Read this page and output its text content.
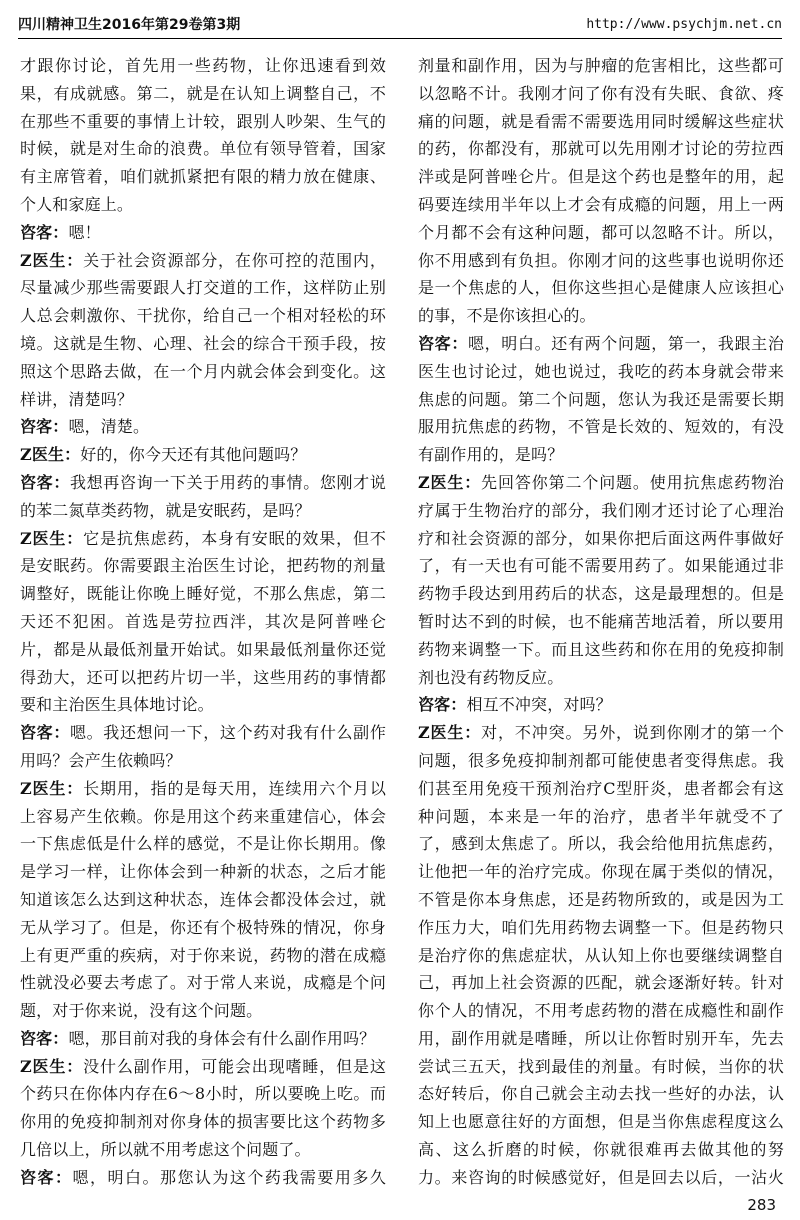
四川精神卫生2016年第29卷第3期	http://www.psychjm.net.cn

才跟你讨论，首先用一些药物，让你迅速看到效果，有成就感。第二，就是在认知上调整自己，不在那些不重要的事情上计较，跟别人吵架、生气的时候，就是对生命的浪费。单位有领导管着，国家有主席管着，咱们就抓紧把有限的精力放在健康、个人和家庭上。

咨客：嗯！

Z医生：关于社会资源部分，在你可控的范围内，尽量减少那些需要跟人打交道的工作，这样防止别人总会刺激你、干扰你，给自己一个相对轻松的环境。这就是生物、心理、社会的综合干预手段，按照这个思路去做，在一个月内就会体会到变化。这样讲，清楚吗？

咨客：嗯，清楚。

Z医生：好的，你今天还有其他问题吗？

咨客：我想再咨询一下关于用药的事情。您刚才说的苯二氮草类药物，就是安眠药，是吗？

Z医生：它是抗焦虑药，本身有安眠的效果，但不是安眠药。你需要跟主治医生讨论，把药物的剂量调整好，既能让你晚上睡好觉，不那么焦虑，第二天还不犯困。首选是劳拉西泮，其次是阿普唑仑片，都是从最低剂量开始试。如果最低剂量你还觉得劲大，还可以把药片切一半，这些用药的事情都要和主治医生具体地讨论。

咨客：嗯。我还想问一下，这个药对我有什么副作用吗？会产生依赖吗？

Z医生：长期用，指的是每天用，连续用六个月以上容易产生依赖。你是用这个药来重建信心，体会一下焦虑低是什么样的感觉，不是让你长期用。像是学习一样，让你体会到一种新的状态，之后才能知道该怎么达到这种状态，连体会都没体会过，就无从学习了。但是，你还有个极特殊的情况，你身上有更严重的疾病，对于你来说，药物的潜在成瘾性就没必要去考虑了。对于常人来说，成瘾是个问题，对于你来说，没有这个问题。

咨客：嗯，那目前对我的身体会有什么副作用吗？

Z医生：没什么副作用，可能会出现嗜睡，但是这个药只在你体内存在6～8小时，所以要晚上吃。而你用的免疫抑制剂对你身体的损害要比这个药物多几倍以上，所以就不用考虑这个问题了。

咨客：嗯，明白。那您认为这个药我需要用多久

剂量和副作用，因为与肿瘤的危害相比，这些都可以忽略不计。我刚才问了你有没有失眠、食欲、疼痛的问题，就是看需不需要选用同时缓解这些症状的药，你都没有，那就可以先用刚才讨论的劳拉西泮或是阿普唑仑片。但是这个药也是整年的用，起码要连续用半年以上才会有成瘾的问题，用上一两个月都不会有这种问题，都可以忽略不计。所以，你不用感到有负担。你刚才问的这些事也说明你还是一个焦虑的人，但你这些担心是健康人应该担心的事，不是你该担心的。

咨客：嗯，明白。还有两个问题，第一，我跟主治医生也讨论过，她也说过，我吃的药本身就会带来焦虑的问题。第二个问题，您认为我还是需要长期服用抗焦虑的药物，不管是长效的、短效的，有没有副作用的，是吗？

Z医生：先回答你第二个问题。使用抗焦虑药物治疗属于生物治疗的部分，我们刚才还讨论了心理治疗和社会资源的部分，如果你把后面这两件事做好了，有一天也有可能不需要用药了。如果能通过非药物手段达到用药后的状态，这是最理想的。但是暂时达不到的时候，也不能痛苦地活着，所以要用药物来调整一下。而且这些药和你在用的免疫抑制剂也没有药物反应。

咨客：相互不冲突，对吗？

Z医生：对，不冲突。另外，说到你刚才的第一个问题，很多免疫抑制剂都可能使患者变得焦虑。我们甚至用免疫干预剂治疗C型肝炎，患者都会有这种问题，本来是一年的治疗，患者半年就受不了了，感到太焦虑了。所以，我会给他用抗焦虑药，让他把一年的治疗完成。你现在属于类似的情况，不管是你本身焦虑，还是药物所致的，或是因为工作压力大，咱们先用药物去调整一下。但是药物只是治疗你的焦虑症状，从认知上你也要继续调整自己，再加上社会资源的匹配，就会逐渐好转。针对你个人的情况，不用考虑药物的潜在成瘾性和副作用，副作用就是嗜睡，所以让你暂时别开车，先去尝试三五天，找到最佳的剂量。有时候，当你的状态好转后，你自己就会主动去找一些好的办法，认知上也愿意往好的方面想，但是当你焦虑程度这么高、这么折磨的时候，你就很难再去做其他的努力。来咨询的时候感觉好，但是回去以后，一沾火

283
